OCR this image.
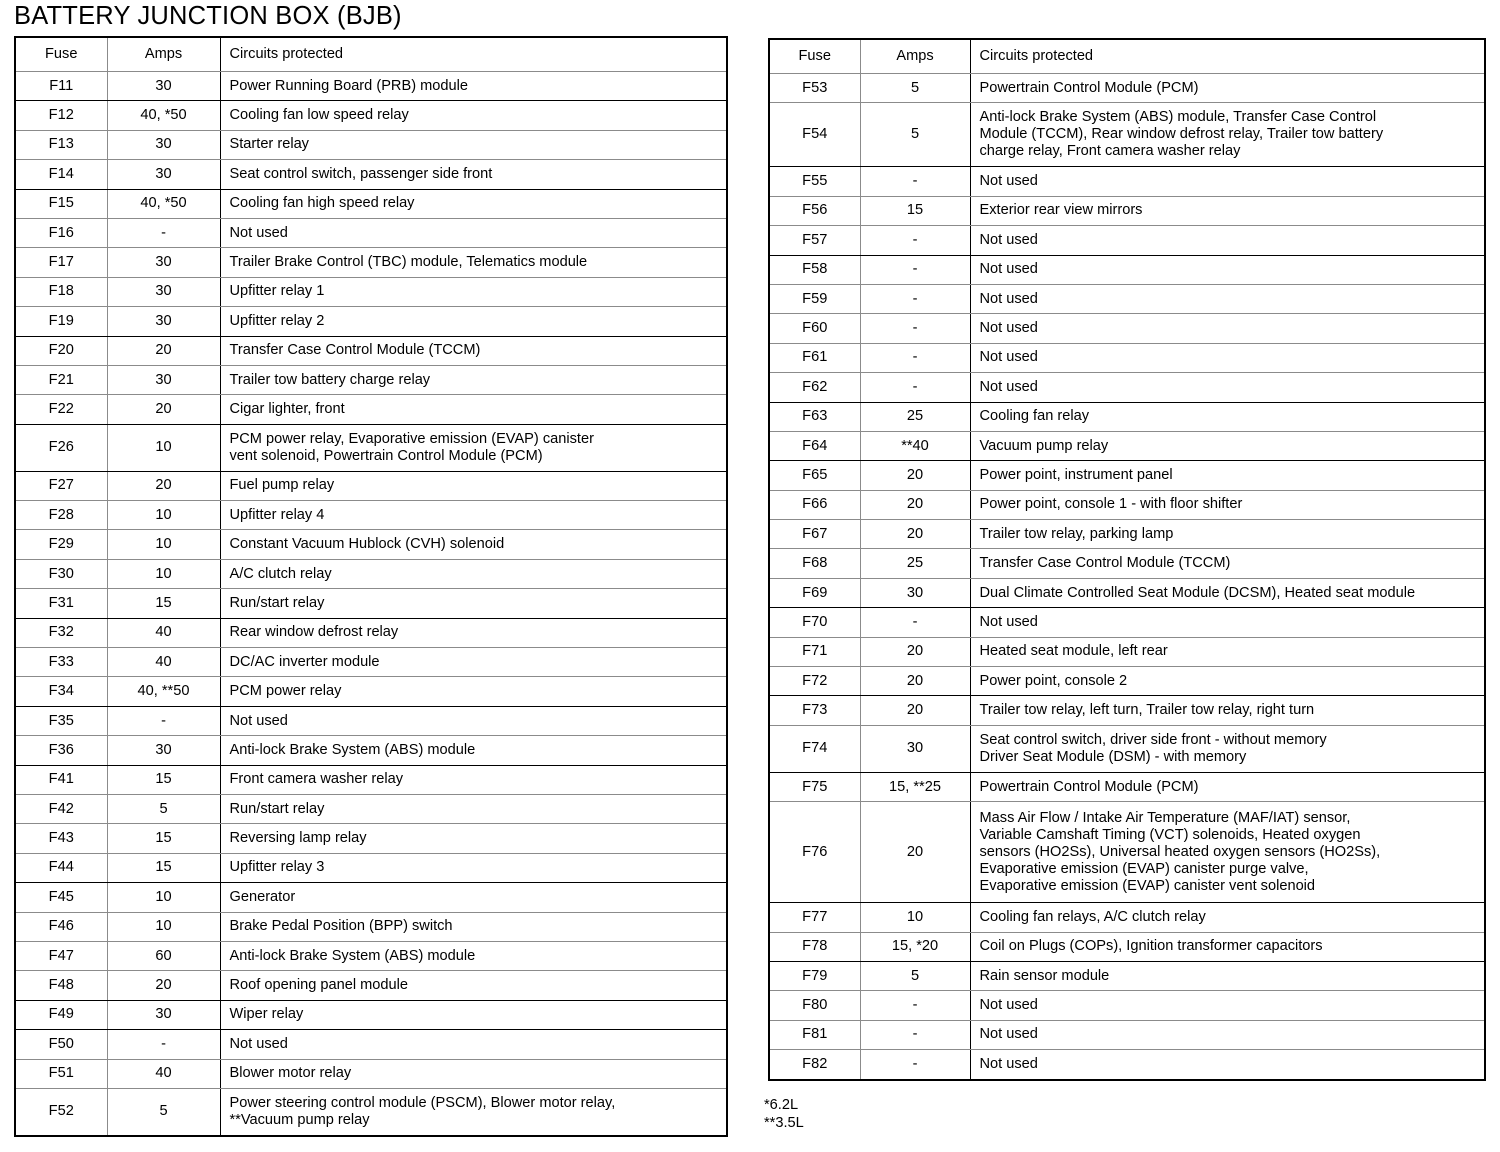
BATTERY JUNCTION BOX (BJB)
Fuse	Amps	Circuits protected
F11	30	Power Running Board (PRB) module

F12	40, *50	Cooling fan low speed relay

F13	30	Starter relay

F14	30	Seat control switch, passenger side front

F15	40, *50	Cooling fan high speed relay

F16	-	Not used

F17	30	Trailer Brake Control (TBC) module, Telematics module

F18	30	Upfitter relay 1

F19	30	Upfitter relay 2

F20	20	Transfer Case Control Module (TCCM)

F21	30	Trailer tow battery charge relay

F22	20	Cigar lighter, front

F26	10	PCM power relay, Evaporative emission (EVAP) canister
vent solenoid, Powertrain Control Module (PCM)

F27	20	Fuel pump relay

F28	10	Upfitter relay 4

F29	10	Constant Vacuum Hublock (CVH) solenoid

F30	10	A/C clutch relay

F31	15	Run/start relay

F32	40	Rear window defrost relay

F33	40	DC/AC inverter module

F34	40, **50	PCM power relay

F35	-	Not used

F36	30	Anti-lock Brake System (ABS) module

F41	15	Front camera washer relay

F42	5	Run/start relay

F43	15	Reversing lamp relay

F44	15	Upfitter relay 3

F45	10	Generator

F46	10	Brake Pedal Position (BPP) switch

F47	60	Anti-lock Brake System (ABS) module

F48	20	Roof opening panel module

F49	30	Wiper relay

F50	-	Not used

F51	40	Blower motor relay

F52	5	Power steering control module (PSCM), Blower motor relay,
**Vacuum pump relay
Fuse	Amps	Circuits protected
F53	5	Powertrain Control Module (PCM)

F54	5	Anti-lock Brake System (ABS) module, Transfer Case Control
Module (TCCM), Rear window defrost relay, Trailer tow battery
charge relay, Front camera washer relay

F55	-	Not used

F56	15	Exterior rear view mirrors

F57	-	Not used

F58	-	Not used

F59	-	Not used

F60	-	Not used

F61	-	Not used

F62	-	Not used

F63	25	Cooling fan relay

F64	**40	Vacuum pump relay

F65	20	Power point, instrument panel

F66	20	Power point, console 1 - with floor shifter

F67	20	Trailer tow relay, parking lamp

F68	25	Transfer Case Control Module (TCCM)

F69	30	Dual Climate Controlled Seat Module (DCSM), Heated seat module

F70	-	Not used

F71	20	Heated seat module, left rear

F72	20	Power point, console 2

F73	20	Trailer tow relay, left turn, Trailer tow relay, right turn

F74	30	Seat control switch, driver side front - without memory
Driver Seat Module (DSM) - with memory

F75	15, **25	Powertrain Control Module (PCM)

F76	20	Mass Air Flow / Intake Air Temperature (MAF/IAT) sensor,
Variable Camshaft Timing (VCT) solenoids, Heated oxygen
sensors (HO2Ss), Universal heated oxygen sensors (HO2Ss),
Evaporative emission (EVAP) canister purge valve,
Evaporative emission (EVAP) canister vent solenoid

F77	10	Cooling fan relays, A/C clutch relay

F78	15, *20	Coil on Plugs (COPs), Ignition transformer capacitors

F79	5	Rain sensor module

F80	-	Not used

F81	-	Not used

F82	-	Not used
*6.2L
**3.5L
